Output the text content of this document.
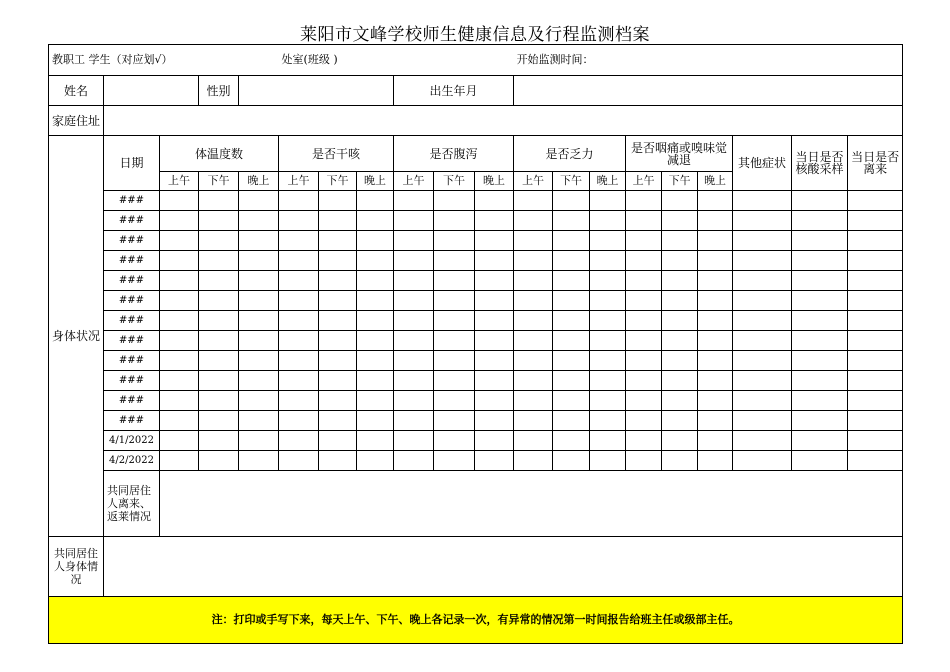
莱阳市文峰学校师生健康信息及行程监测档案
教职工 学生（对应划√）					处室(班级 )						开始监测时间：								
姓名			性别					出生年月											
家庭住址																			
身体状况	日期	体温度数			是否干咳			是否腹泻			是否乏力			是否咽痛或嗅味觉减退			其他症状	当日是否核酸采样	当日是否离来
		上午	下午	晚上	上午	下午	晚上	上午	下午	晚上	上午	下午	晚上	上午	下午	晚上			
	###																		
	###																		
	###																		
	###																		
	###																		
	###																		
	###																		
	###																		
	###																		
	###																		
	###																		
	###																		
	4/1/2022																		
	4/2/2022																		
	共同居住人离来、返莱情况																		
共同居住人身体情况																			
注：打印或手写下来，每天上午、下午、晚上各记录一次，有异常的情况第一时间报告给班主任或级部主任。																			
